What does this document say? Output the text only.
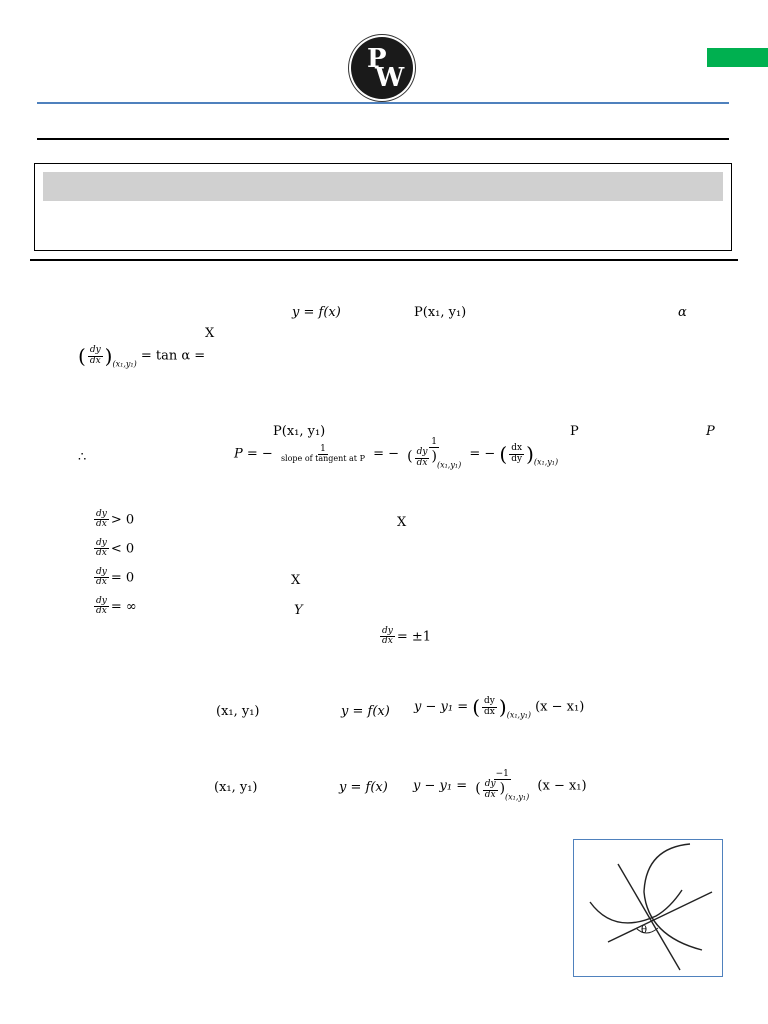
P
W
y = f(x)	P(x₁, y₁)	α
X
( $\frac{dy}{dx} )_{(x_1,y_1)} = \tan \alpha$ =
P(x₁, y₁)	P	P
∴	P = − $\frac{1}{\text{slope of tangent at P}}$ = − $\frac{1}{( \frac{dy}{dx} )(x_1,y_1)}$ = − ( $\frac{dx}{dy} )_{(x_1,y_1)}$
$\frac{dy}{dx} > 0$	X
$\frac{dy}{dx} < 0$
$\frac{dy}{dx} = 0$	X
$\frac{dy}{dx}$ = ∞	Y
$\frac{dy}{dx} = \pm 1$
(x₁, y₁)	y = f(x) y − y₁ = ( $\frac{dy}{dx} )_{(x_1,y_1)}$ (x − x₁)
(x₁, y₁)	y = f(x) $y - y_1 = \frac{-1}{( \frac{dy}{dx} )(x_1,y_1)} (x - x_1)$
θ
